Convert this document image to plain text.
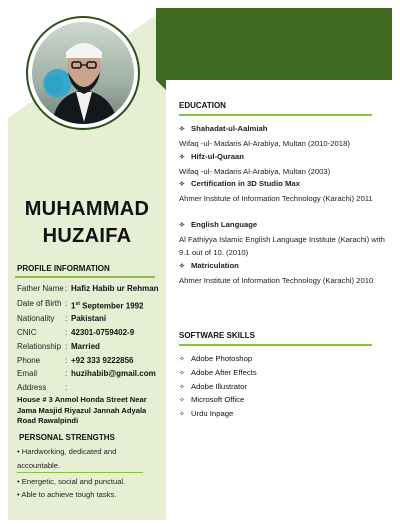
MUHAMMAD
HUZAIFA
PROFILE INFORMATION
Father Name : Hafiz Habib ur Rehman
Date of Birth : 1st September 1992
Nationality	: Pakistani
CNIC	: 42301-0759402-9
Relationship : Married
Phone	: +92 333 9222856
Email	: huzihabib@gmail.com
Address	:
House # 3 Anmol Honda Street Near Jama Masjid Riyazul Jannah Adyala Road Rawalpindi
PERSONAL STRENGTHS
• Hardworking, dedicated and accountable.
• Energetic, social and punctual.
• Able to achieve tough tasks.
EDUCATION
✧ Shahadat-ul-Aalmiah
Wifaq -ul- Madaris Al-Arabiya, Multan (2010-2018)
✧ Hifz-ul-Quraan
Wifaq -ul- Madaris Al-Arabiya, Multan (2003)
✧ Certification in 3D Studio Max
Ahmer Institute of Information Technology (Karachi) 2011
✧ English Language
Al Fathiyya Islamic English Language Institute (Karachi) with 9.1 out of 10. (2010)
✧ Matriculation
Ahmer Institute of Information Technology (Karachi) 2010
SOFTWARE SKILLS
✧ Adobe Photoshop
✧ Adobe After Effects
✧ Adobe Illustrator
✧ Microsoft Office
✧ Urdu Inpage
